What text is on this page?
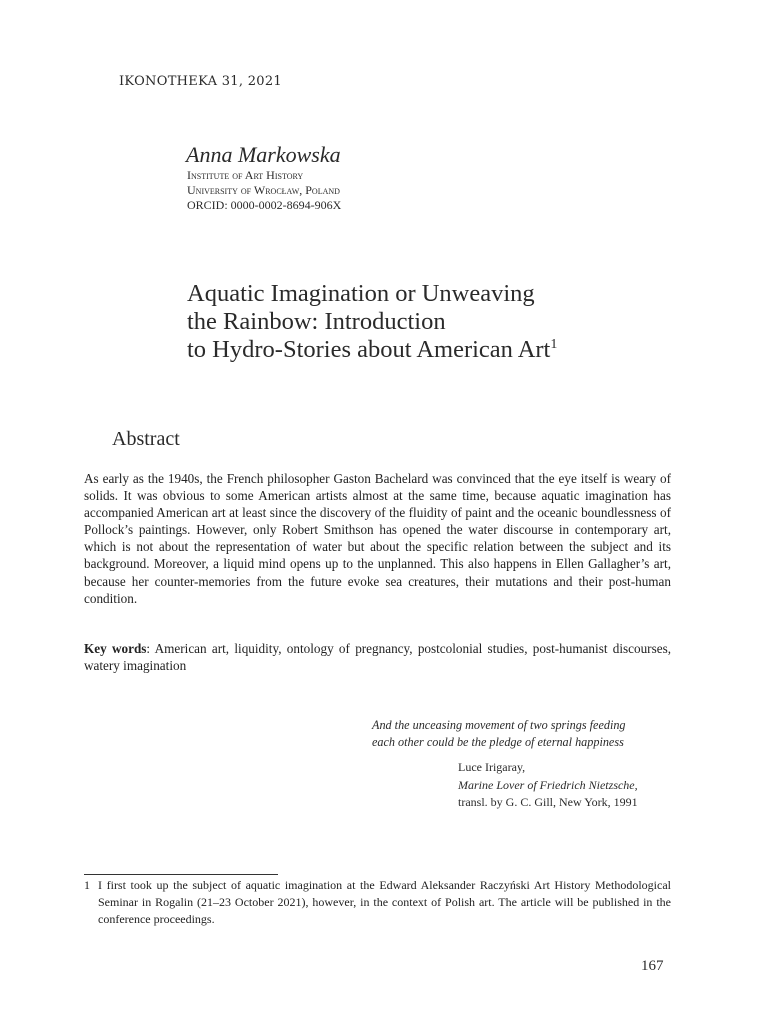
IKONOTHEKA 31, 2021
Anna Markowska
Institute of Art History
University of Wrocław, Poland
ORCID: 0000-0002-8694-906X
Aquatic Imagination or Unweaving
the Rainbow: Introduction
to Hydro-Stories about American Art$^1$
Abstract
As early as the 1940s, the French philosopher Gaston Bachelard was convinced that the eye itself is weary of solids. It was obvious to some American artists almost at the same time, because aquatic imagination has accompanied American art at least since the discovery of the fluidity of paint and the oceanic boundlessness of Pollock’s paintings. However, only Robert Smithson has opened the water discourse in contemporary art, which is not about the representation of water but about the specific relation between the subject and its background. Moreover, a liquid mind opens up to the unplanned. This also happens in Ellen Gallagher’s art, because her counter-memories from the future evoke sea creatures, their mutations and their post-human condition.
Key words: American art, liquidity, ontology of pregnancy, postcolonial studies, post-humanist discourses, watery imagination
And the unceasing movement of two springs feeding
each other could be the pledge of eternal happiness
Luce Irigaray,
Marine Lover of Friedrich Nietzsche,
transl. by G. C. Gill, New York, 1991
1 I first took up the subject of aquatic imagination at the Edward Aleksander Raczyński Art History Methodological Seminar in Rogalin (21–23 October 2021), however, in the context of Polish art. The article will be published in the conference proceedings.
167
